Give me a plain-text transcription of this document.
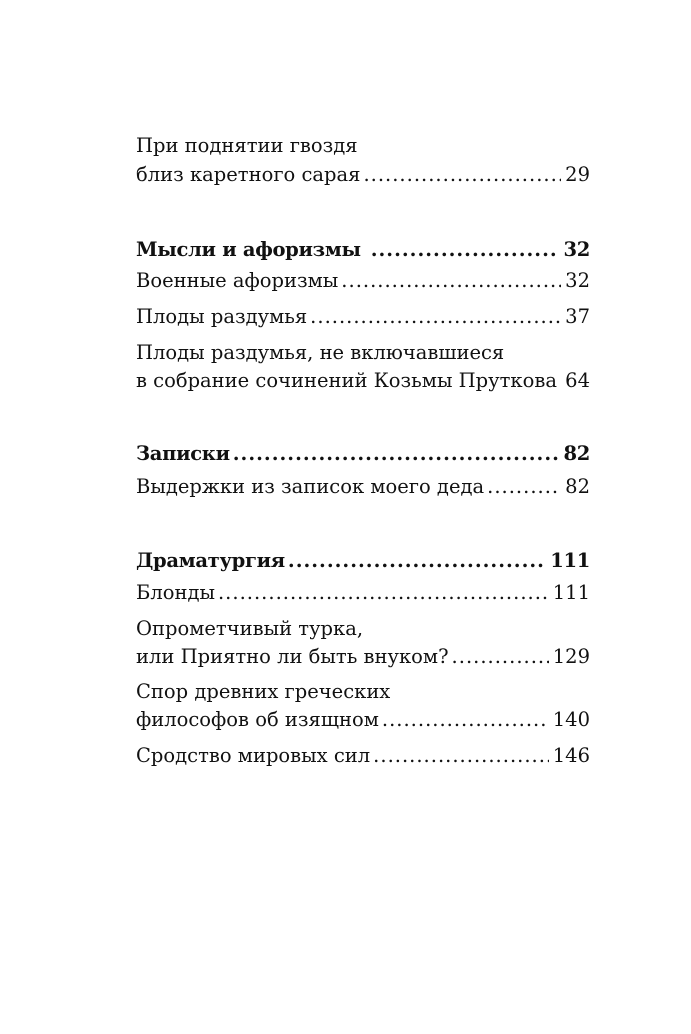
При поднятии гвоздя
близ каретного сарая .....	29
Мысли и афоризмы .....	32
Военные афоризмы .....	32
Плоды раздумья .....	37
Плоды раздумья, не включавшиеся
в собрание сочинений Козьмы Пруткова ..... 64
Записки .....	82
Выдержки из записок моего деда .....	82
Драматургия .....	111
Блонды .....	111
Опрометчивый турка,
или Приятно ли быть внуком? .....	129
Спор древних греческих
философов об изящном .....	140
Сродство мировых сил .....	146
